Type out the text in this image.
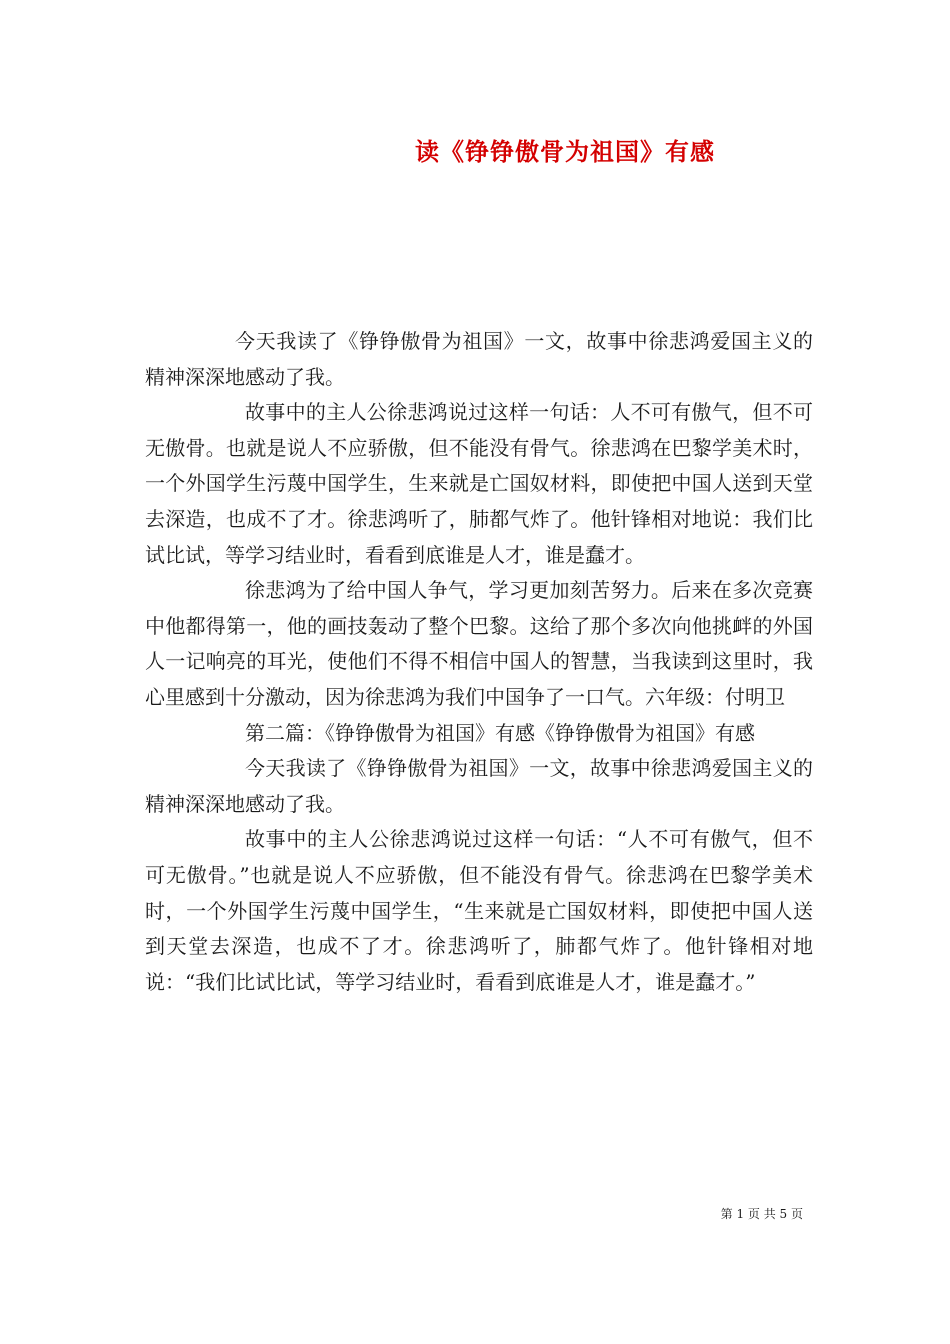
读《铮铮傲骨为祖国》有感

今天我读了《铮铮傲骨为祖国》一文，故事中徐悲鸿爱国主义的精神深深地感动了我。

故事中的主人公徐悲鸿说过这样一句话：人不可有傲气，但不可无傲骨。也就是说人不应骄傲，但不能没有骨气。徐悲鸿在巴黎学美术时，一个外国学生污蔑中国学生，生来就是亡国奴材料，即使把中国人送到天堂去深造，也成不了才。徐悲鸿听了，肺都气炸了。他针锋相对地说：我们比试比试，等学习结业时，看看到底谁是人才，谁是蠢才。

徐悲鸿为了给中国人争气，学习更加刻苦努力。后来在多次竞赛中他都得第一，他的画技轰动了整个巴黎。这给了那个多次向他挑衅的外国人一记响亮的耳光，使他们不得不相信中国人的智慧，当我读到这里时，我心里感到十分激动，因为徐悲鸿为我们中国争了一口气。六年级：付明卫

第二篇：《铮铮傲骨为祖国》有感《铮铮傲骨为祖国》有感

今天我读了《铮铮傲骨为祖国》一文，故事中徐悲鸿爱国主义的精神深深地感动了我。

故事中的主人公徐悲鸿说过这样一句话：“人不可有傲气，但不可无傲骨。”也就是说人不应骄傲，但不能没有骨气。徐悲鸿在巴黎学美术时，一个外国学生污蔑中国学生，“生来就是亡国奴材料，即使把中国人送到天堂去深造，也成不了才。徐悲鸿听了，肺都气炸了。他针锋相对地说：“我们比试比试，等学习结业时，看看到底谁是人才，谁是蠢才。”

第 1 页 共 5 页
